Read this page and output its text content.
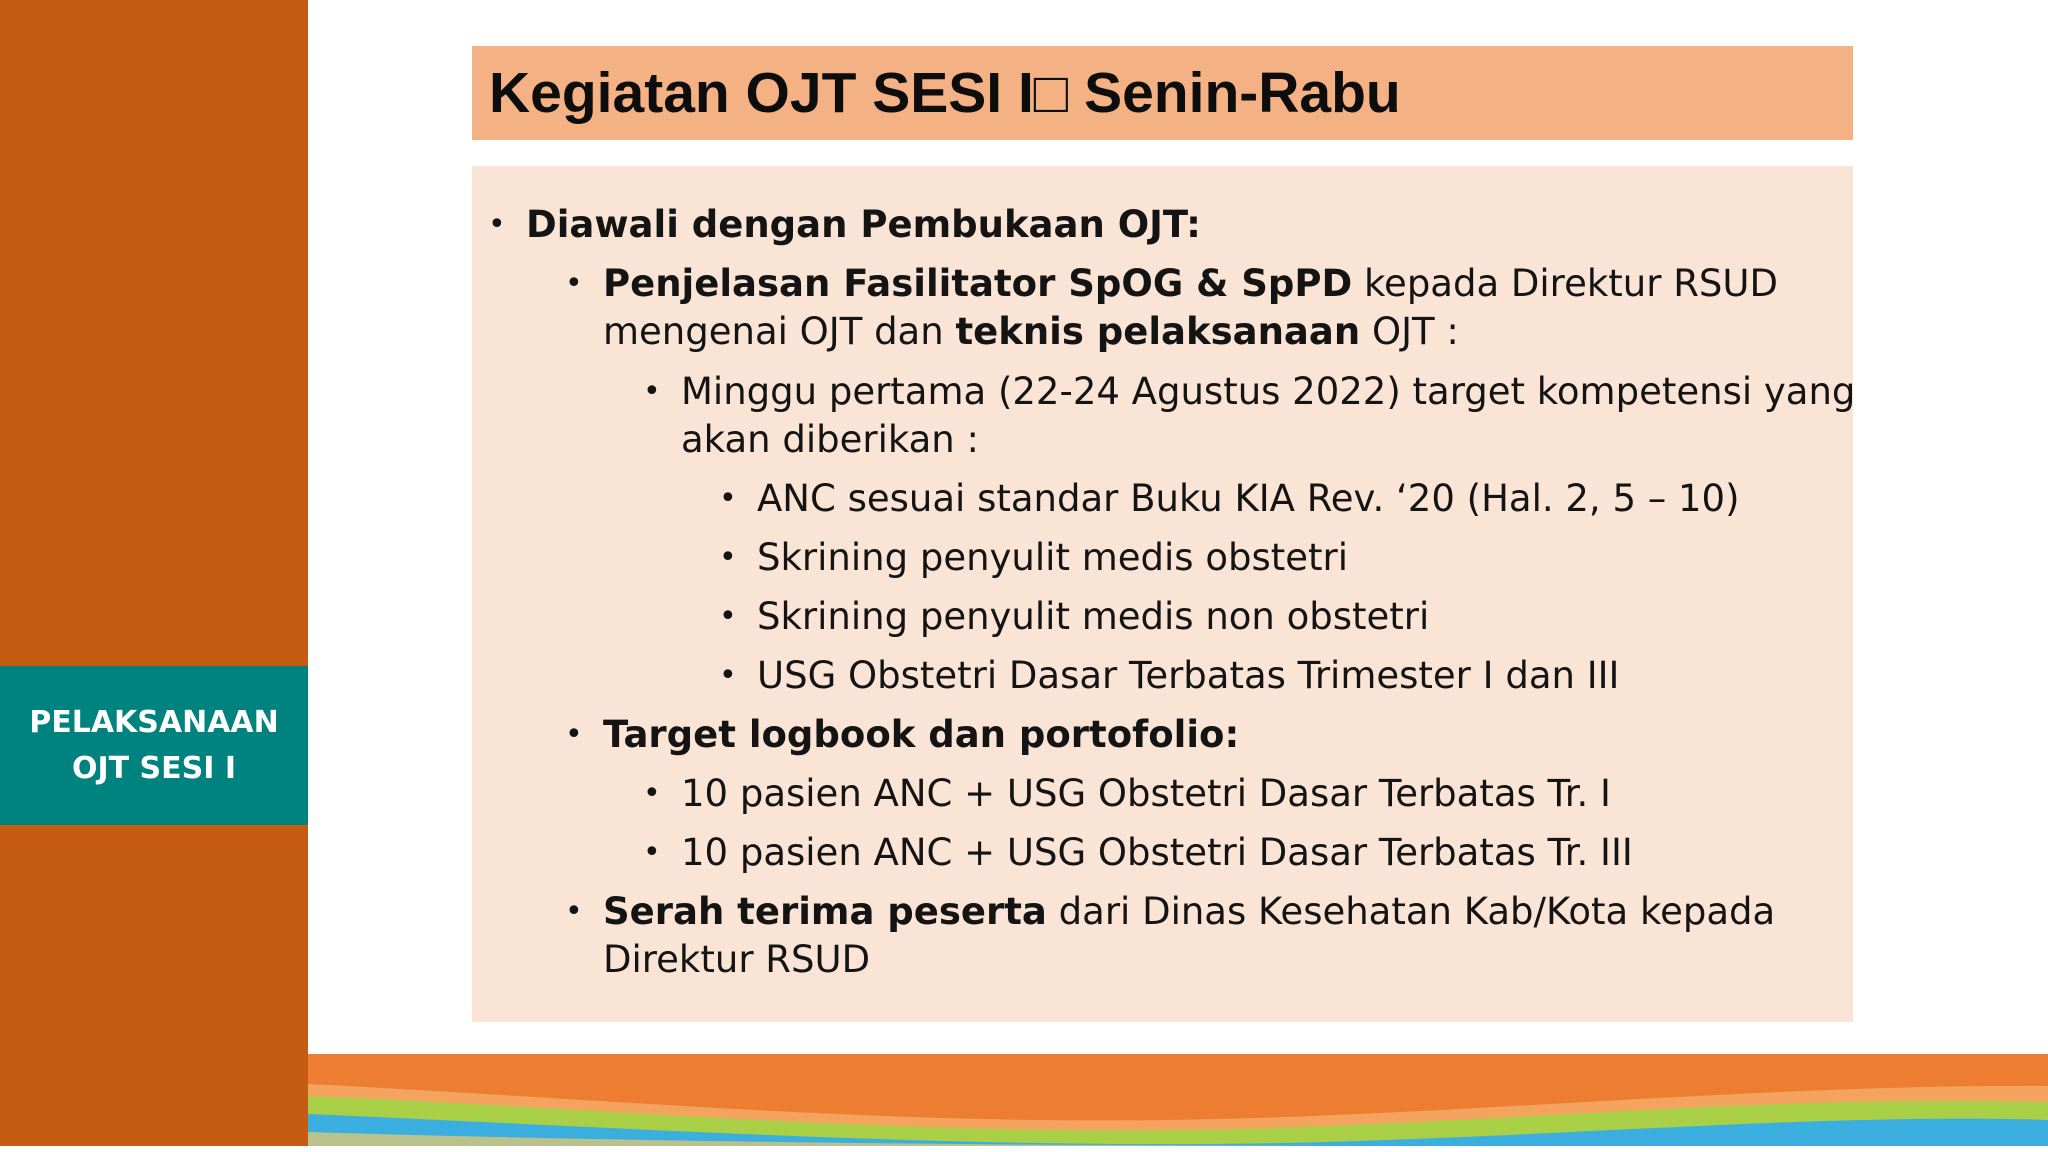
PELAKSANAAN
OJT SESI I
Kegiatan OJT SESI I□ Senin-Rabu
• Diawali dengan Pembukaan OJT:
• Penjelasan Fasilitator SpOG & SpPD kepada Direktur RSUD
mengenai OJT dan teknis pelaksanaan OJT :
• Minggu pertama (22-24 Agustus 2022) target kompetensi yang
akan diberikan :
• ANC sesuai standar Buku KIA Rev. ‘20 (Hal. 2, 5 – 10)
• Skrining penyulit medis obstetri
• Skrining penyulit medis non obstetri
• USG Obstetri Dasar Terbatas Trimester I dan III
• Target logbook dan portofolio:
• 10 pasien ANC + USG Obstetri Dasar Terbatas Tr. I
• 10 pasien ANC + USG Obstetri Dasar Terbatas Tr. III
• Serah terima peserta dari Dinas Kesehatan Kab/Kota kepada
Direktur RSUD
